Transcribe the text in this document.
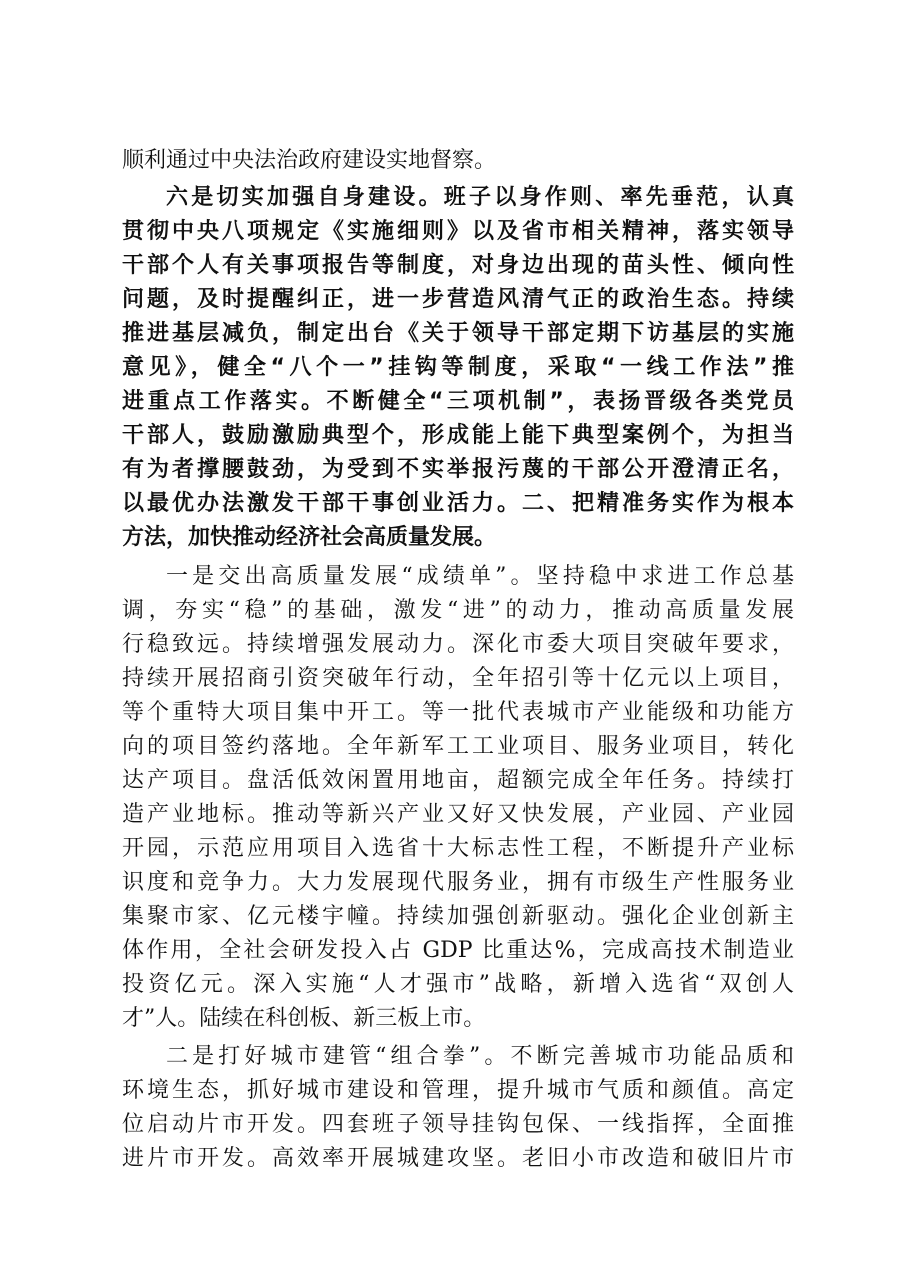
顺利通过中央法治政府建设实地督察。
六是切实加强自身建设。班子以身作则、率先垂范，认真
贯彻中央八项规定《实施细则》以及省市相关精神，落实领导
干部个人有关事项报告等制度，对身边出现的苗头性、倾向性
问题，及时提醒纠正，进一步营造风清气正的政治生态。持续
推进基层减负，制定出台《关于领导干部定期下访基层的实施
意见》，健全“八个一”挂钩等制度，采取“一线工作法”推
进重点工作落实。不断健全“三项机制”，表扬晋级各类党员
干部人，鼓励激励典型个，形成能上能下典型案例个，为担当
有为者撑腰鼓劲，为受到不实举报污蔑的干部公开澄清正名，
以最优办法激发干部干事创业活力。二、把精准务实作为根本
方法，加快推动经济社会高质量发展。
一是交出高质量发展“成绩单”。坚持稳中求进工作总基
调，夯实“稳”的基础，激发“进”的动力，推动高质量发展
行稳致远。持续增强发展动力。深化市委大项目突破年要求，
持续开展招商引资突破年行动，全年招引等十亿元以上项目，
等个重特大项目集中开工。等一批代表城市产业能级和功能方
向的项目签约落地。全年新军工工业项目、服务业项目，转化
达产项目。盘活低效闲置用地亩，超额完成全年任务。持续打
造产业地标。推动等新兴产业又好又快发展，产业园、产业园
开园，示范应用项目入选省十大标志性工程，不断提升产业标
识度和竞争力。大力发展现代服务业，拥有市级生产性服务业
集聚市家、亿元楼宇幢。持续加强创新驱动。强化企业创新主
体作用，全社会研发投入占 GDP 比重达%，完成高技术制造业
投资亿元。深入实施“人才强市”战略，新增入选省“双创人
才”人。陆续在科创板、新三板上市。
二是打好城市建管“组合拳”。不断完善城市功能品质和
环境生态，抓好城市建设和管理，提升城市气质和颜值。高定
位启动片市开发。四套班子领导挂钩包保、一线指挥，全面推
进片市开发。高效率开展城建攻坚。老旧小市改造和破旧片市
